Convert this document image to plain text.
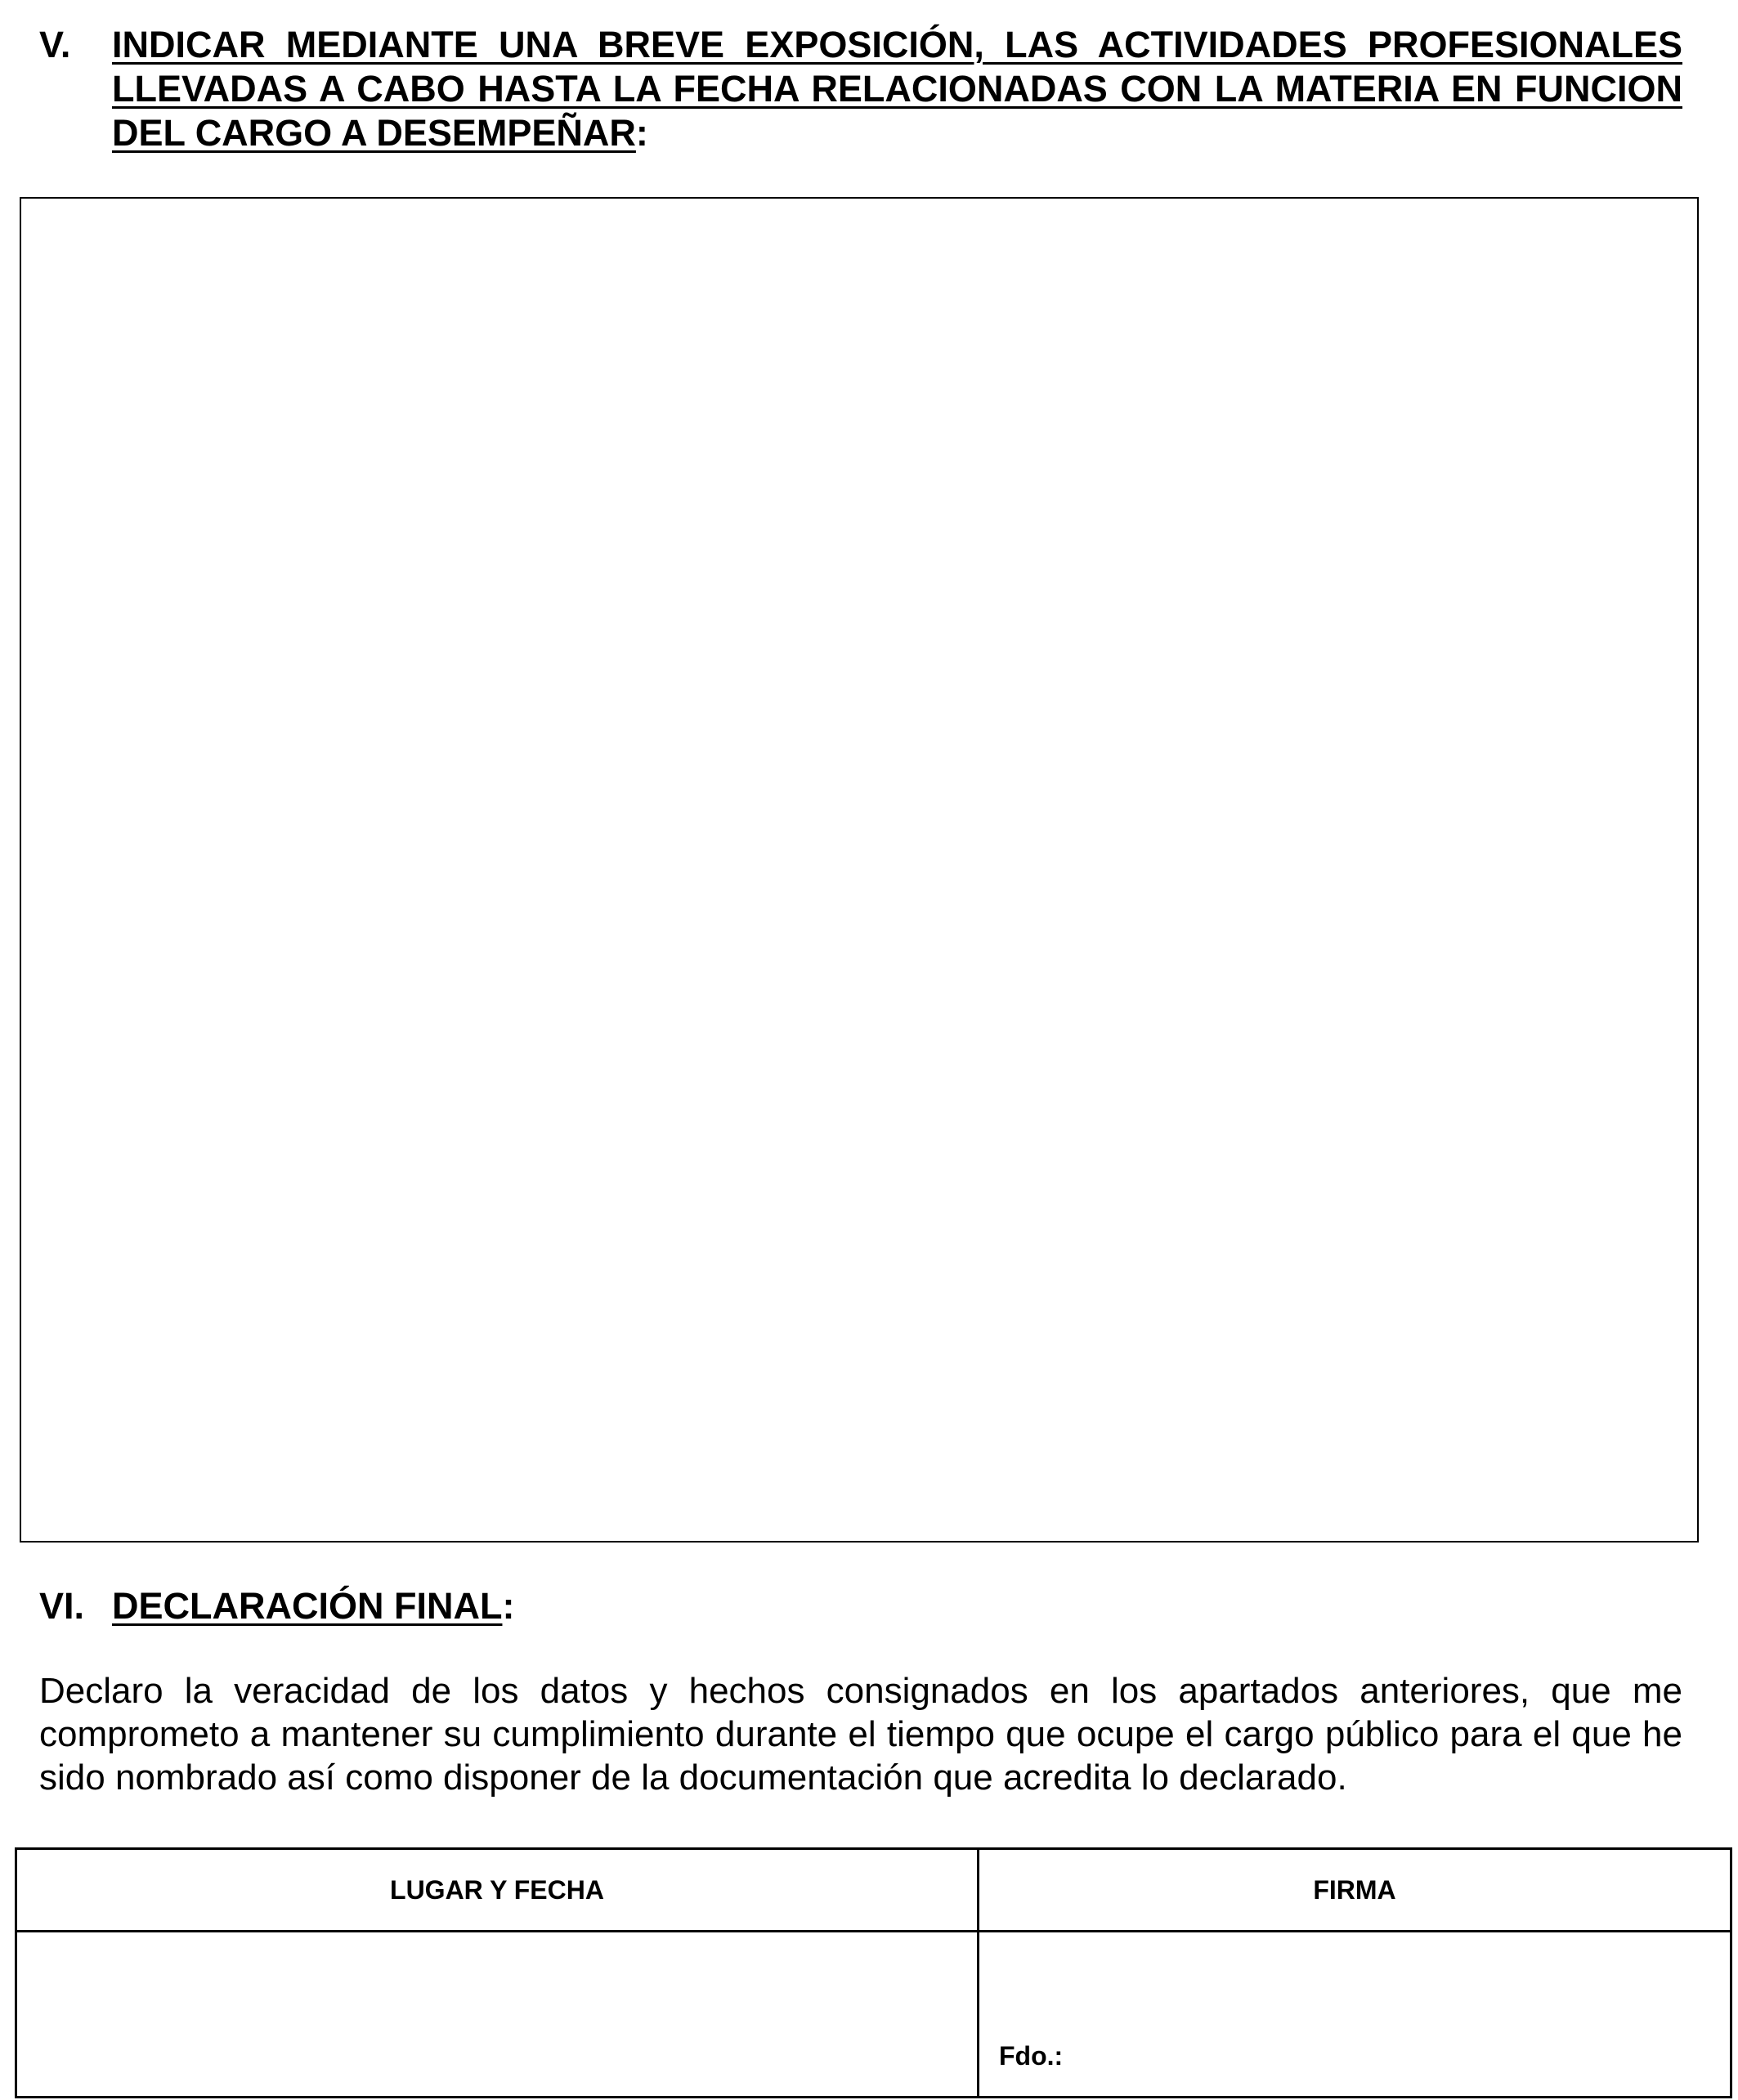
V. INDICAR MEDIANTE UNA BREVE EXPOSICIÓN, LAS ACTIVIDADES PROFESIONALES LLEVADAS A CABO HASTA LA FECHA RELACIONADAS CON LA MATERIA EN FUNCION DEL CARGO A DESEMPEÑAR:
VI. DECLARACIÓN FINAL:

Declaro la veracidad de los datos y hechos consignados en los apartados anteriores, que me comprometo a mantener su cumplimiento durante el tiempo que ocupe el cargo público para el que he sido nombrado así como disponer de la documentación que acredita lo declarado.

LUGAR Y FECHA	FIRMA

	Fdo.:
